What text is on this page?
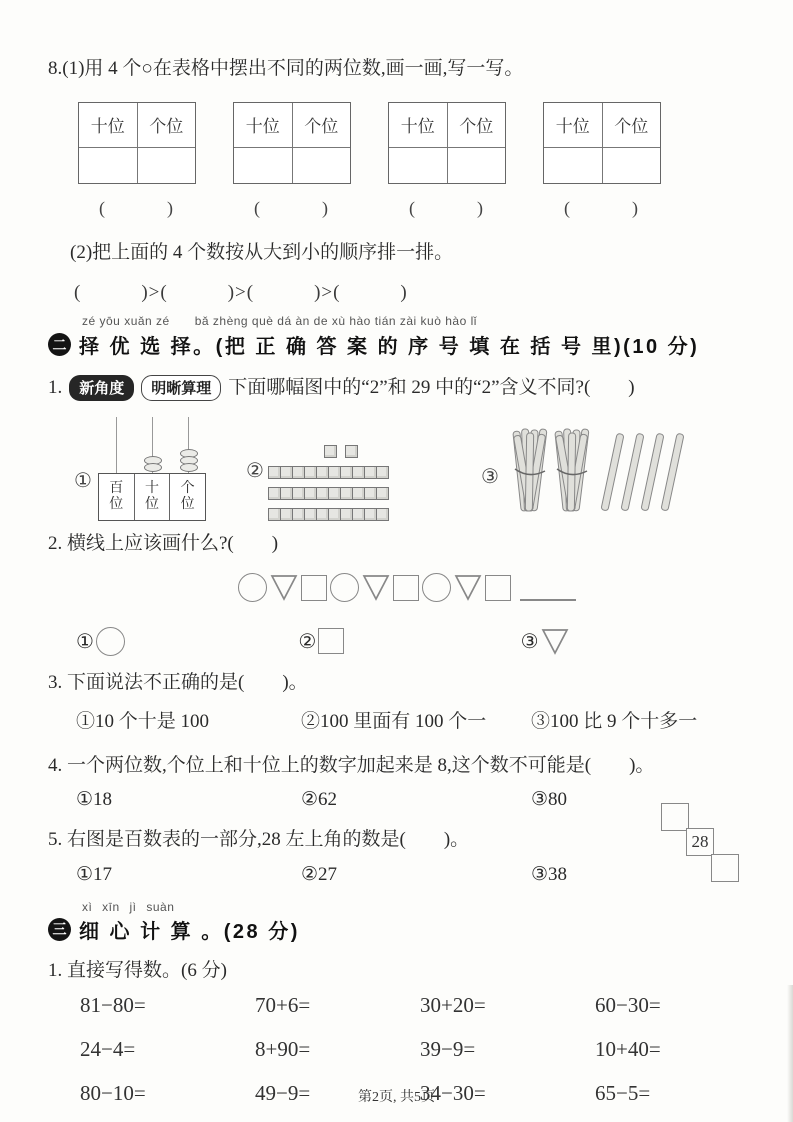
8.(1)用 4 个○在表格中摆出不同的两位数,画一画,写一写。
十位	个位	十位	个位	十位	个位	十位	个位
(　　　)	(　　　)	(　　　)	(　　　)
(2)把上面的 4 个数按从大到小的顺序排一排。
(　　　)>(　　　)>(　　　)>(　　　)
zé yōu xuǎn zé　　bǎ zhèng què dá àn de xù hào tián zài kuò hào lǐ
二 择 优 选 择。(把 正 确 答 案 的 序 号 填 在 括 号 里)(10 分)
1.	新角度	明晰算理 下面哪幅图中的“2”和 29 中的“2”含义不同?(　　)
① 百位
十位
个位
②	③
2. 横线上应该画什么?(　　)
①	②	③
3. 下面说法不正确的是(　　)。
①10 个十是 100	②100 里面有 100 个一	③100 比 9 个十多一
4. 一个两位数,个位上和十位上的数字加起来是 8,这个数不可能是(　　)。
①18	②62	③80
5. 右图是百数表的一部分,28 左上角的数是(　　)。
①17	②27	③38
xì xīn jì suàn
三 细 心 计 算 。(28 分)
1. 直接写得数。(6 分)
81−80=	70+6=	30+20=	60−30=
24−4=	8+90=	39−9=	10+40=
80−10=	49−9=	34−30=	65−5=
28
第2页, 共5页
